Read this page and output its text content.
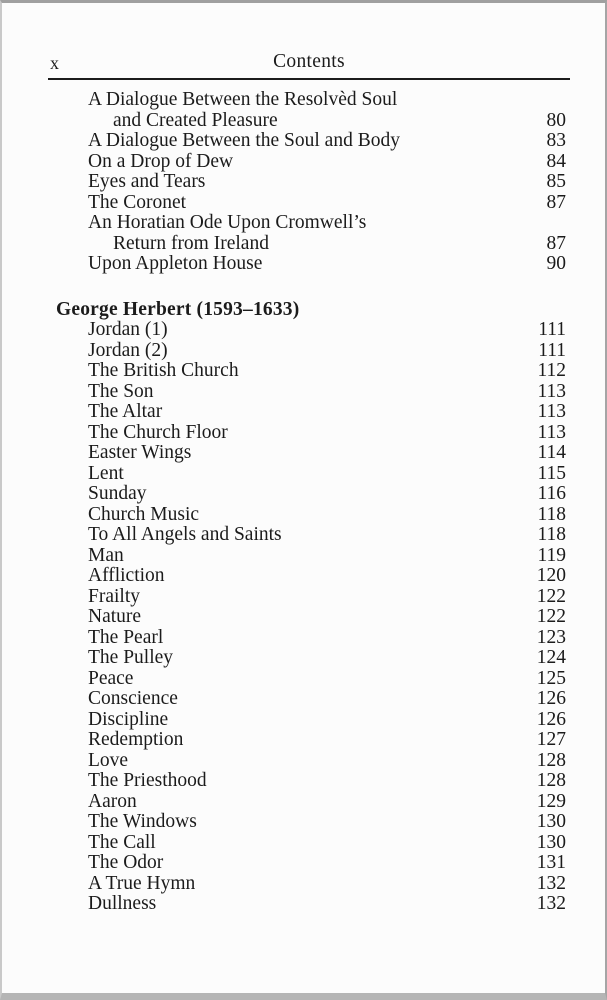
x	Contents
A Dialogue Between the Resolvèd Soul
and Created Pleasure	80
A Dialogue Between the Soul and Body	83
On a Drop of Dew	84
Eyes and Tears	85
The Coronet	87
An Horatian Ode Upon Cromwell’s
Return from Ireland	87
Upon Appleton House	90
George Herbert (1593–1633)
Jordan (1)	111
Jordan (2)	111
The British Church	112
The Son	113
The Altar	113
The Church Floor	113
Easter Wings	114
Lent	115
Sunday	116
Church Music	118
To All Angels and Saints	118
Man	119
Affliction	120
Frailty	122
Nature	122
The Pearl	123
The Pulley	124
Peace	125
Conscience	126
Discipline	126
Redemption	127
Love	128
The Priesthood	128
Aaron	129
The Windows	130
The Call	130
The Odor	131
A True Hymn	132
Dullness	132
